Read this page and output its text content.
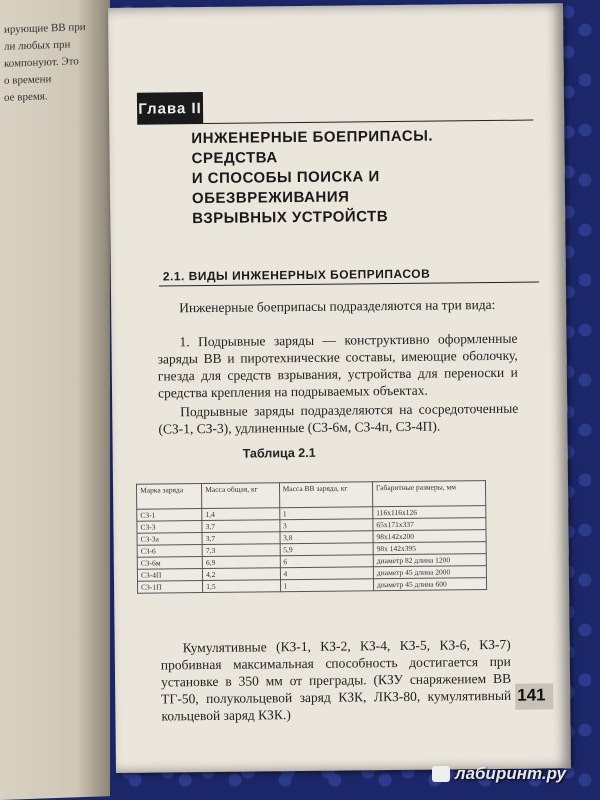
ирующие ВВ при
ли любых при
компонуют. Это
о времени
ое время.
Глава II
ИНЖЕНЕРНЫЕ БОЕПРИПАСЫ. СРЕДСТВА
И СПОСОБЫ ПОИСКА И ОБЕЗВРЕЖИВАНИЯ
ВЗРЫВНЫХ УСТРОЙСТВ
2.1. ВИДЫ ИНЖЕНЕРНЫХ БОЕПРИПАСОВ
Инженерные боеприпасы подразделяются на три вида:
1. Подрывные заряды — конструктивно оформленные заряды ВВ и пиротехнические составы, имеющие оболочку, гнезда для средств взрывания, устройства для переноски и средства крепления на подрываемых объектах.
Подрывные заряды подразделяются на сосредоточенные (СЗ-1, СЗ-3), удлиненные (СЗ-6м, СЗ-4п, СЗ-4П).
Таблица 2.1
Марка заряда	Масса общая, кг	Масса ВВ заряда, кг	Габаритные размеры, мм
СЗ-1	1,4	1	116х116х126
СЗ-3	3,7	3	65х171х337
СЗ-3а	3,7	3,8	98х142х200
СЗ-6	7,3	5,9	98х 142х395
СЗ-6м	6,9	6	диаметр 82 длина 1200
СЗ-4П	4,2	4	диаметр 45 длина 2000
СЗ-1П	1,5	1	диаметр 45 длина 600
Кумулятивные (КЗ-1, КЗ-2, КЗ-4, КЗ-5, КЗ-6, КЗ-7) пробивная максимальная способность достигается при установке в 350 мм от преграды. (КЗУ снаряжением ВВ ТГ-50, полукольцевой заряд КЗК, ЛКЗ-80, кумулятивный кольцевой заряд КЗК.)
141
лабиринт.ру
